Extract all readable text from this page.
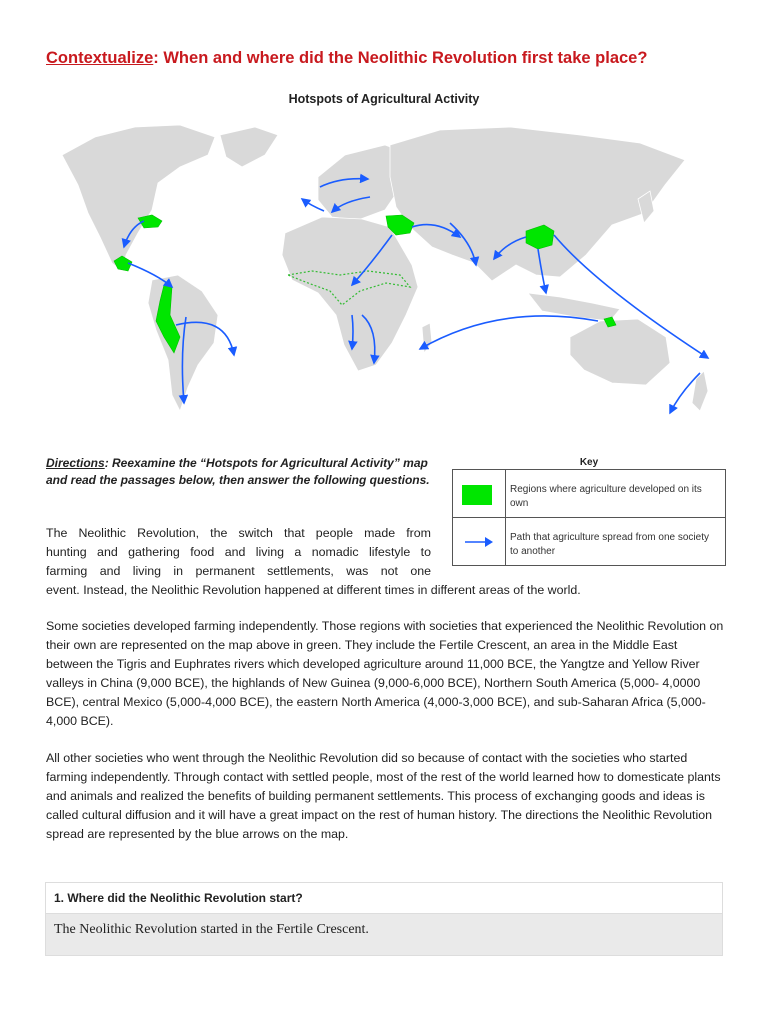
Contextualize: When and where did the Neolithic Revolution first take place?
Hotspots of Agricultural Activity
Directions: Reexamine the “Hotspots for Agricultural Activity” map and read the passages below, then answer the following questions.
Key
Regions where agriculture developed on its own
Path that agriculture spread from one society to another
The Neolithic Revolution, the switch that people made from
hunting and gathering food and living a nomadic lifestyle to
farming and living in permanent settlements, was not one
event. Instead, the Neolithic Revolution happened at different times in different areas of the world.
Some societies developed farming independently. Those regions with societies that experienced the Neolithic Revolution on their own are represented on the map above in green. They include the Fertile Crescent, an area in the Middle East between the Tigris and Euphrates rivers which developed agriculture around 11,000 BCE, the Yangtze and Yellow River valleys in China (9,000 BCE), the highlands of New Guinea (9,000-6,000 BCE), Northern South America (5,000- 4,0000 BCE), central Mexico (5,000-4,000 BCE), the eastern North America (4,000-3,000 BCE), and sub-Saharan Africa (5,000-4,000 BCE).
All other societies who went through the Neolithic Revolution did so because of contact with the societies who started farming independently. Through contact with settled people, most of the rest of the world learned how to domesticate plants and animals and realized the benefits of building permanent settlements. This process of exchanging goods and ideas is called cultural diffusion and it will have a great impact on the rest of human history. The directions the Neolithic Revolution spread are represented by the blue arrows on the map.
1. Where did the Neolithic Revolution start?
The Neolithic Revolution started in the Fertile Crescent.
